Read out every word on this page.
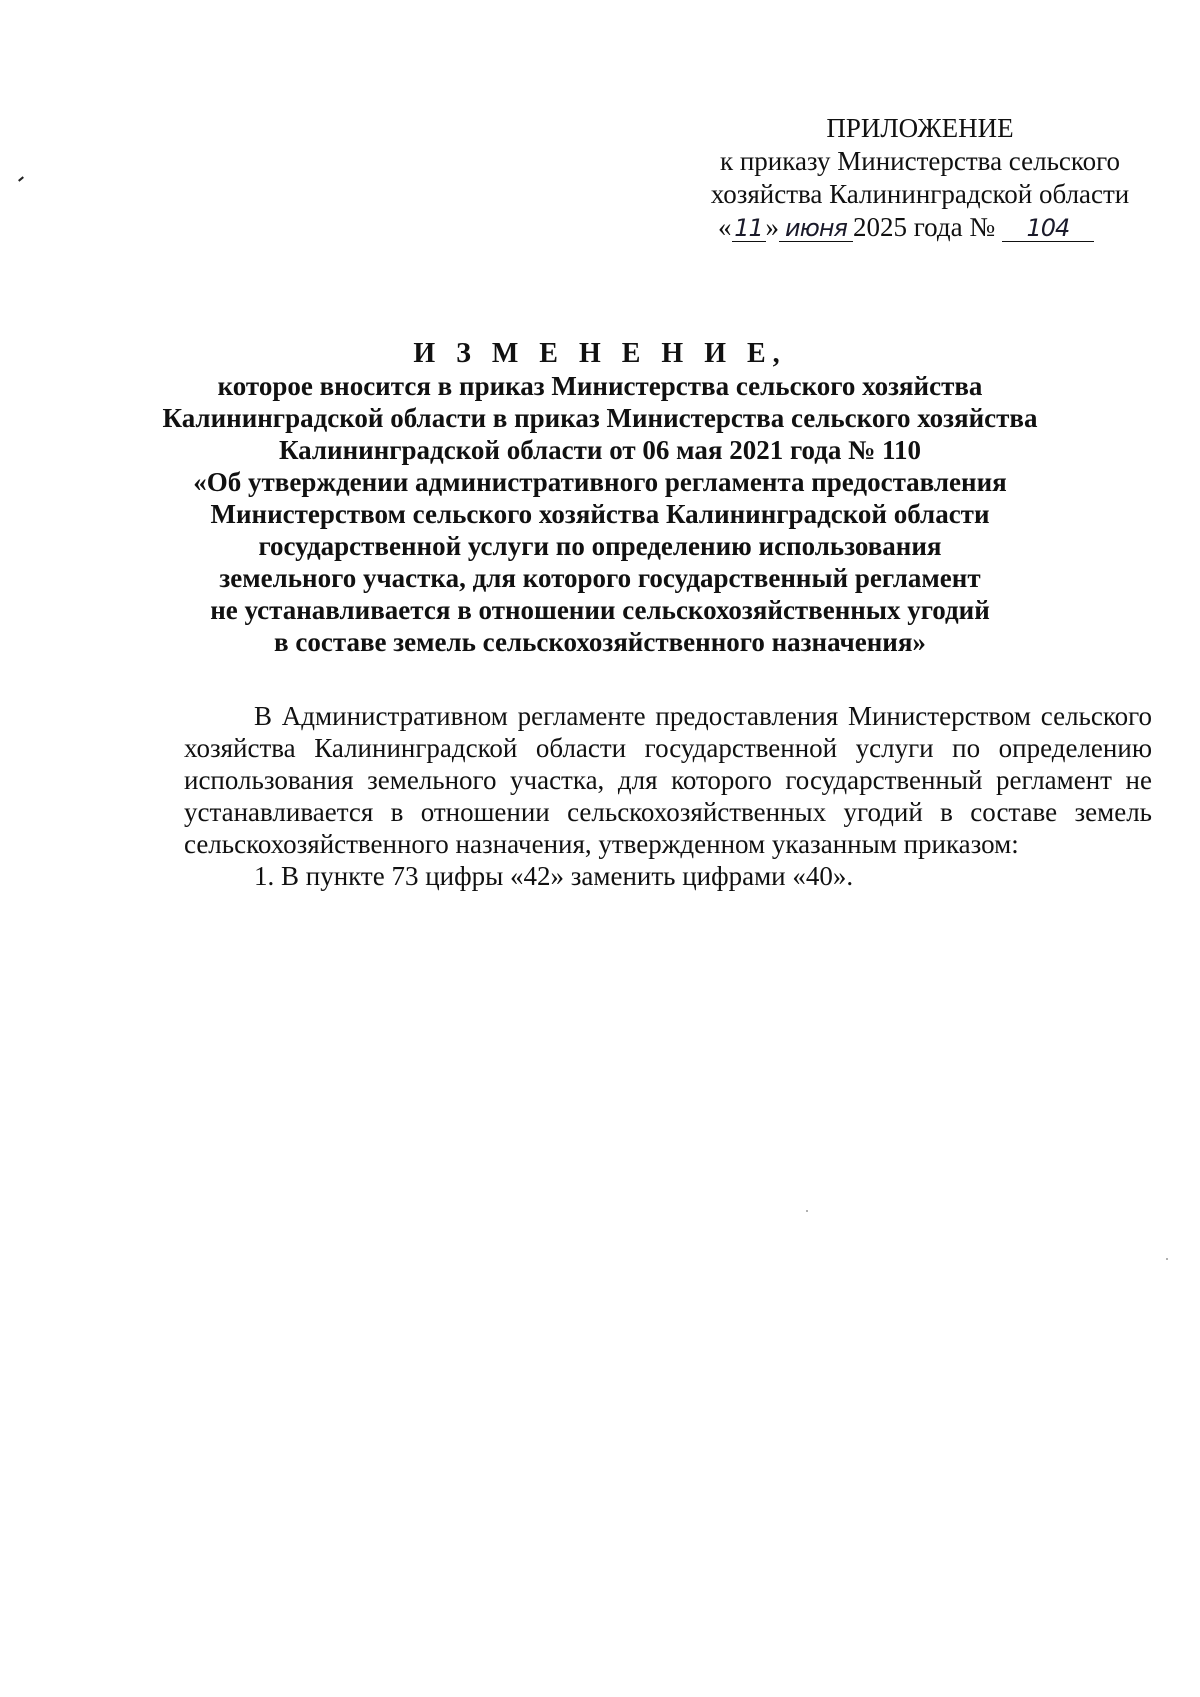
ПРИЛОЖЕНИЕ
к приказу Министерства сельского
хозяйства Калининградской области
« 11 » июня 2025 года № 104
И З М Е Н Е Н И Е,
которое вносится в приказ Министерства сельского хозяйства
Калининградской области в приказ Министерства сельского хозяйства
Калининградской области от 06 мая 2021 года № 110
«Об утверждении административного регламента предоставления
Министерством сельского хозяйства Калининградской области
государственной услуги по определению использования
земельного участка, для которого государственный регламент
не устанавливается в отношении сельскохозяйственных угодий
в составе земель сельскохозяйственного назначения»

В Административном регламенте предоставления Министерством сельского хозяйства Калининградской области государственной услуги по определению использования земельного участка, для которого государственный регламент не устанавливается в отношении сельскохозяйственных угодий в составе земель сельскохозяйственного назначения, утвержденном указанным приказом:

1. В пункте 73 цифры «42» заменить цифрами «40».
